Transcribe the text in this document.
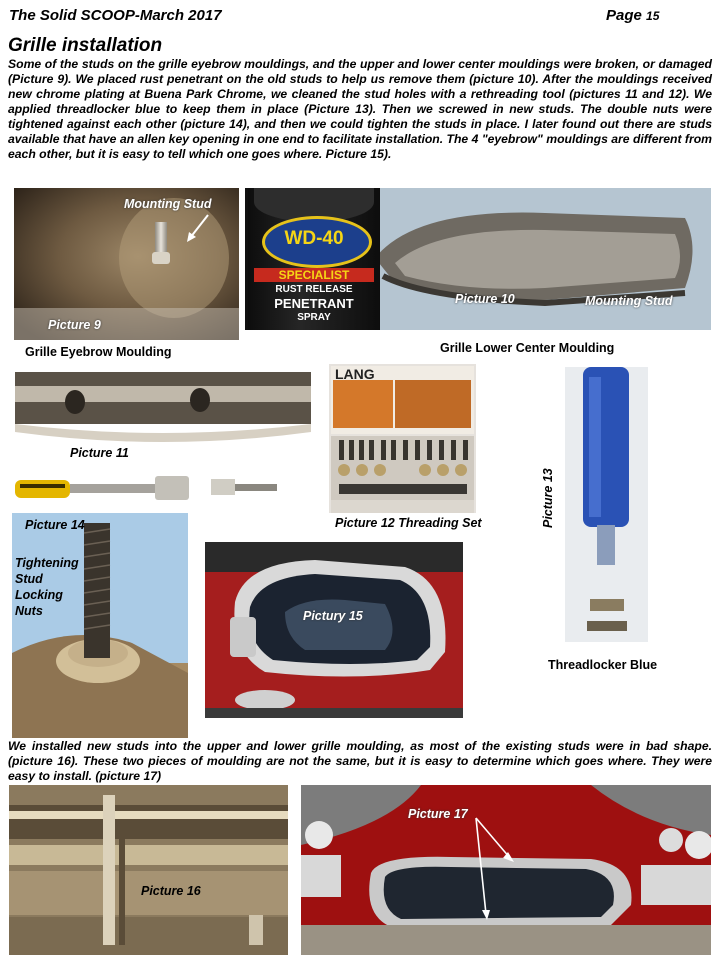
The Solid SCOOP-March 2017	Page 15
Grille installation
Some of the studs on the grille eyebrow mouldings, and the upper and lower center mouldings were broken, or damaged (Picture 9). We placed rust penetrant on the old studs to help us remove them (picture 10). After the mouldings received new chrome plating at Buena Park Chrome, we cleaned the stud holes with a rethreading tool (pictures 11 and 12). We applied threadlocker blue to keep them in place (Picture 13). Then we screwed in new studs. The double nuts were tightened against each other (picture 14), and then we could tighten the studs in place. I later found out there are studs available that have an allen key opening in one end to facilitate installation. The 4 "eyebrow" mouldings are different from each other, but it is easy to tell which one goes where. Picture 15).
Mounting Stud
Picture 9
Grille Eyebrow Moulding
WD-40
SPECIALIST
RUST RELEASE
PENETRANT
SPRAY
Picture 10	Mounting Stud
Grille Lower Center Moulding
Picture 11
LANG
Picture 12 Threading Set	Picture 13
Threadlocker Blue
Picture 14
Tightening
Stud
Locking
Nuts	Pictury 15
We installed new studs into the upper and lower grille moulding, as most of the existing studs were in bad shape. (picture 16). These two pieces of moulding are not the same, but it is easy to determine which goes where. They were easy to install. (picture 17)
Picture 16
Picture 17
